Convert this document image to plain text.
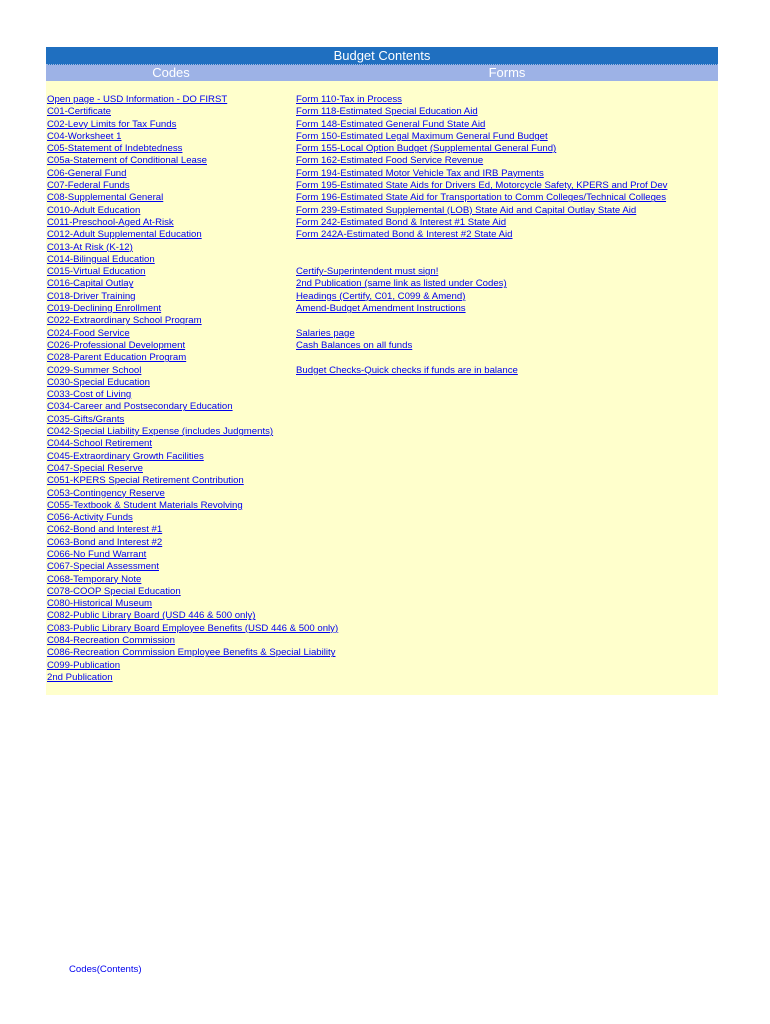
Budget Contents
Codes	Forms
Open page - USD Information - DO FIRST
C01-Certificate
C02-Levy Limits for Tax Funds
C04-Worksheet 1
C05-Statement of Indebtedness
C05a-Statement of Conditional Lease
C06-General Fund
C07-Federal Funds
C08-Supplemental General
C010-Adult Education
C011-Preschool-Aged At-Risk
C012-Adult Supplemental Education
C013-At Risk (K-12)
C014-Bilingual Education
C015-Virtual Education
C016-Capital Outlay
C018-Driver Training
C019-Declining Enrollment
C022-Extraordinary School Program
C024-Food Service
C026-Professional Development
C028-Parent Education Program
C029-Summer School
C030-Special Education
C033-Cost of Living
C034-Career and Postsecondary Education
C035-Gifts/Grants
C042-Special Liability Expense (includes Judgments)
C044-School Retirement
C045-Extraordinary Growth Facilities
C047-Special Reserve
C051-KPERS Special Retirement Contribution
C053-Contingency Reserve
C055-Textbook & Student Materials Revolving
C056-Activity Funds
C062-Bond and Interest #1
C063-Bond and Interest #2
C066-No Fund Warrant
C067-Special Assessment
C068-Temporary Note
C078-COOP Special Education
C080-Historical Museum
C082-Public Library Board (USD 446 & 500 only)
C083-Public Library Board Employee Benefits (USD 446 & 500 only)
C084-Recreation Commission
C086-Recreation Commission Employee Benefits & Special Liability
C099-Publication
2nd Publication
Form 110-Tax in Process
Form 118-Estimated Special Education Aid
Form 148-Estimated General Fund State Aid
Form 150-Estimated Legal Maximum General Fund Budget
Form 155-Local Option Budget (Supplemental General Fund)
Form 162-Estimated Food Service Revenue
Form 194-Estimated Motor Vehicle Tax and IRB Payments
Form 195-Estimated State Aids for Drivers Ed, Motorcycle Safety, KPERS and Prof Dev
Form 196-Estimated State Aid for Transportation to Comm Colleges/Technical Colleges
Form 239-Estimated Supplemental (LOB) State Aid and Capital Outlay State Aid
Form 242-Estimated Bond & Interest #1 State Aid
Form 242A-Estimated Bond & Interest #2 State Aid
Certify-Superintendent must sign!
2nd Publication (same link as listed under Codes)
Headings (Certify, C01, C099 & Amend)
Amend-Budget Amendment Instructions
Salaries page
Cash Balances on all funds
Budget Checks-Quick checks if funds are in balance
Codes(Contents)
